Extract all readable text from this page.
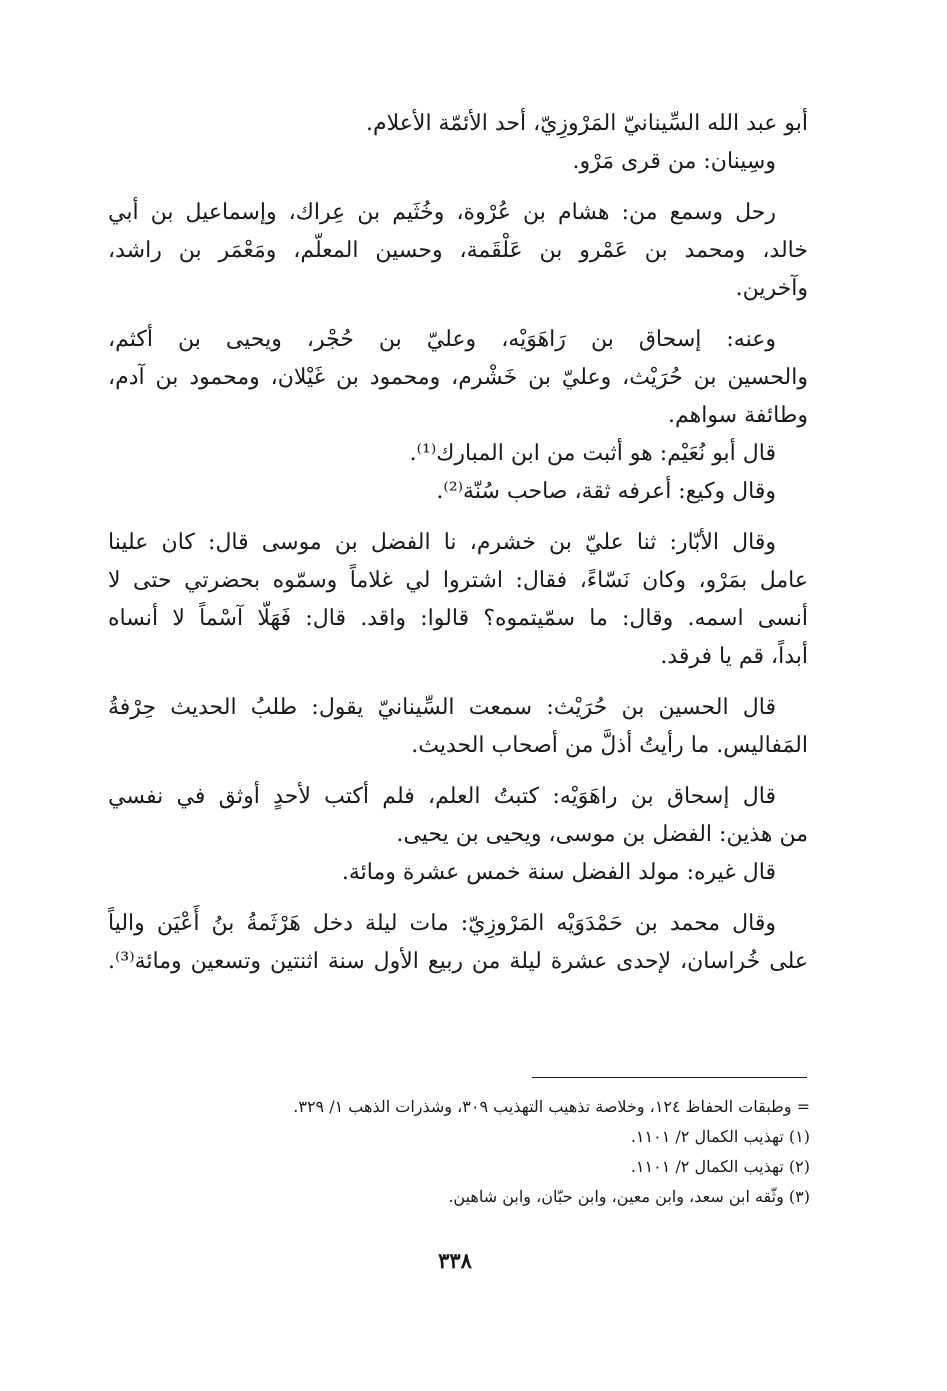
أبو عبد الله السِّينانيّ المَرْوزِيّ، أحد الأئمّة الأعلام.
وسِينان: من قرى مَرْو.
رحل وسمع من: هشام بن عُرْوة، وخُثَيم بن عِراك، وإسماعيل بن أبي
خالد، ومحمد بن عَمْرو بن عَلْقَمة، وحسين المعلّم، ومَعْمَر بن راشد،
وآخرين.
وعنه: إسحاق بن رَاهَوَيْه، وعليّ بن حُجْر، ويحيى بن أكثم،
والحسين بن حُرَيْث، وعليّ بن خَشْرم، ومحمود بن غَيْلان، ومحمود بن آدم،
وطائفة سواهم.
قال أبو نُعَيْم: هو أثبت من ابن المبارك⁽¹⁾.
وقال وكيع: أعرفه ثقة، صاحب سُنّة⁽²⁾.
وقال الأبّار: ثنا عليّ بن خشرم، نا الفضل بن موسى قال: كان علينا
عامل بمَرْو، وكان نَسّاءً، فقال: اشتروا لي غلاماً وسمّوه بحضرتي حتى لا
أنسى اسمه. وقال: ما سمّيتموه؟ قالوا: واقد. قال: فَهَلّا آسْماً لا أنساه
أبداً، قم يا فرقد.
قال الحسين بن حُرَيْث: سمعت السِّينانيّ يقول: طلبُ الحديث حِرْفةُ
المَفاليس. ما رأيتُ أذلَّ من أصحاب الحديث.
قال إسحاق بن راهَوَيْه: كتبتُ العلم، فلم أكتب لأحدٍ أوثق في نفسي
من هذين: الفضل بن موسى، ويحيى بن يحيى.
قال غيره: مولد الفضل سنة خمس عشرة ومائة.
وقال محمد بن حَمْدَوَيْه المَرْوزِيّ: مات ليلة دخل هَرْثَمةُ بنُ أَعْيَن والياً
على خُراسان، لإحدى عشرة ليلة من ربيع الأول سنة اثنتين وتسعين ومائة⁽³⁾.
= وطبقات الحفاظ ١٢٤، وخلاصة تذهيب التهذيب ٣٠٩، وشذرات الذهب ١/ ٣٢٩.
(١) تهذيب الكمال ٢/ ١١٠١.
(٢) تهذيب الكمال ٢/ ١١٠١.
(٣) وثّقه ابن سعد، وابن معين، وابن حبّان، وابن شاهين.
٣٣٨
